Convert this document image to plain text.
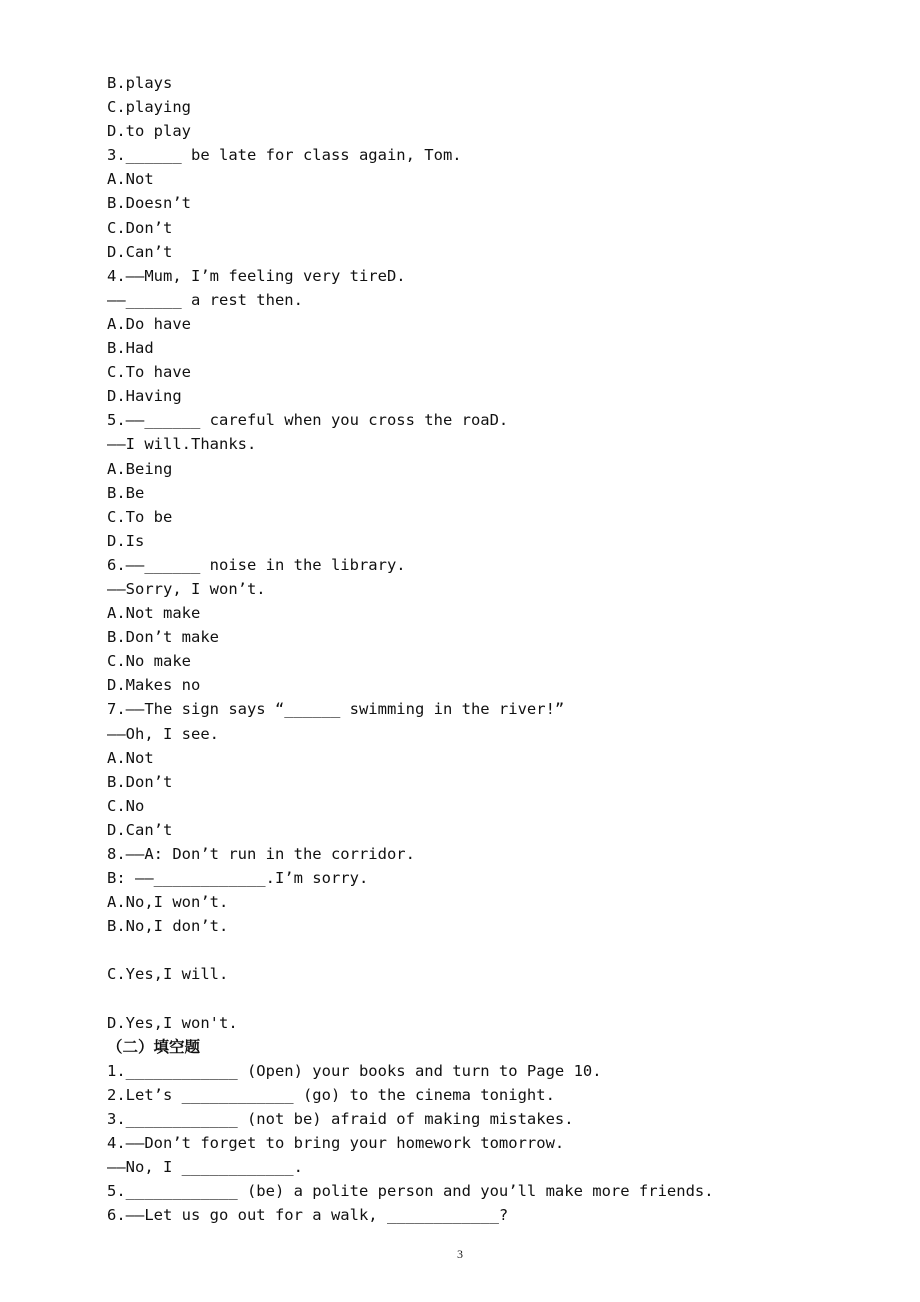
B.plays
C.playing
D.to play
3.______ be late for class again, Tom.
A.Not
B.Doesn’t
C.Don’t
D.Can’t
4.——Mum, I’m feeling very tireD.
——______ a rest then.
A.Do have
B.Had
C.To have
D.Having
5.——______ careful when you cross the roaD.
——I will.Thanks.
A.Being
B.Be
C.To be
D.Is
6.——______ noise in the library.
——Sorry, I won’t.
A.Not make
B.Don’t make
C.No make
D.Makes no
7.——The sign says “______ swimming in the river!”
——Oh, I see.
A.Not
B.Don’t
C.No
D.Can’t
8.——A: Don’t run in the corridor.
B: ——____________.I’m sorry.
A.No,I won’t.
B.No,I don’t.
C.Yes,I will.
D.Yes,I won't.
（二）填空题
1.____________ (Open) your books and turn to Page 10.
2.Let’s ____________ (go) to the cinema tonight.
3.____________ (not be) afraid of making mistakes.
4.——Don’t forget to bring your homework tomorrow.
——No, I ____________.
5.____________ (be) a polite person and you’ll make more friends.
6.——Let us go out for a walk, ____________?
3
